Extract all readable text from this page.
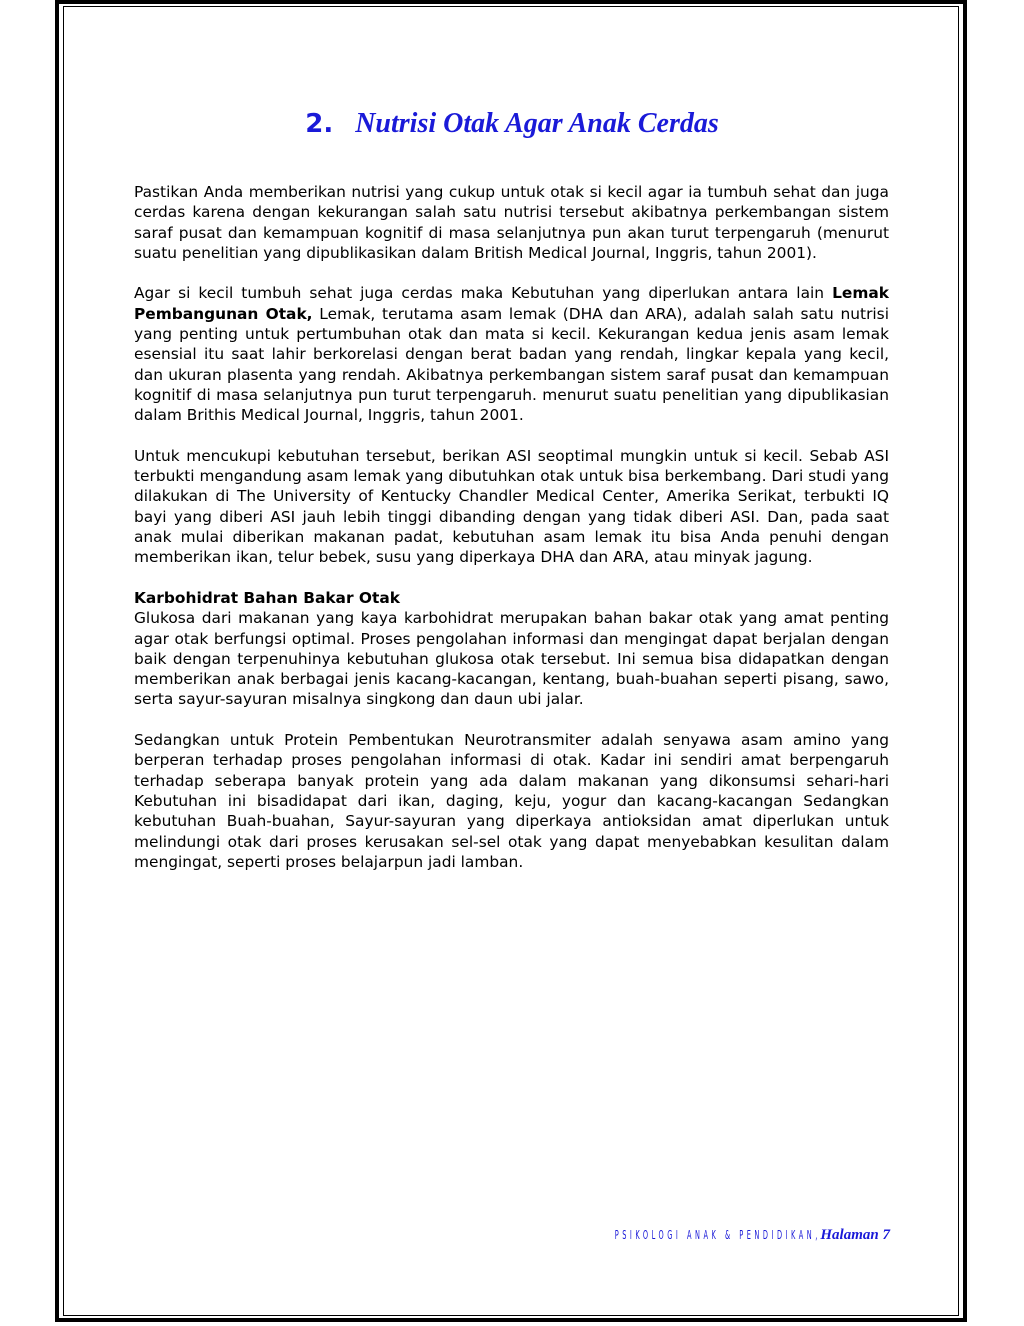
2. Nutrisi Otak Agar Anak Cerdas

Pastikan Anda memberikan nutrisi yang cukup untuk otak si kecil agar ia tumbuh sehat dan juga cerdas karena dengan kekurangan salah satu nutrisi tersebut akibatnya perkembangan sistem saraf pusat dan kemampuan kognitif di masa selanjutnya pun akan turut terpengaruh (menurut suatu penelitian yang dipublikasikan dalam British Medical Journal, Inggris, tahun 2001).

Agar si kecil tumbuh sehat juga cerdas maka Kebutuhan yang diperlukan antara lain Lemak Pembangunan Otak, Lemak, terutama asam lemak (DHA dan ARA), adalah salah satu nutrisi yang penting untuk pertumbuhan otak dan mata si kecil. Kekurangan kedua jenis asam lemak esensial itu saat lahir berkorelasi dengan berat badan yang rendah, lingkar kepala yang kecil, dan ukuran plasenta yang rendah. Akibatnya perkembangan sistem saraf pusat dan kemampuan kognitif di masa selanjutnya pun turut terpengaruh. menurut suatu penelitian yang dipublikasian dalam Brithis Medical Journal, Inggris, tahun 2001.

Untuk mencukupi kebutuhan tersebut, berikan ASI seoptimal mungkin untuk si kecil. Sebab ASI terbukti mengandung asam lemak yang dibutuhkan otak untuk bisa berkembang. Dari studi yang dilakukan di The University of Kentucky Chandler Medical Center, Amerika Serikat, terbukti IQ bayi yang diberi ASI jauh lebih tinggi dibanding dengan yang tidak diberi ASI. Dan, pada saat anak mulai diberikan makanan padat, kebutuhan asam lemak itu bisa Anda penuhi dengan memberikan ikan, telur bebek, susu yang diperkaya DHA dan ARA, atau minyak jagung.

Karbohidrat Bahan Bakar Otak
Glukosa dari makanan yang kaya karbohidrat merupakan bahan bakar otak yang amat penting agar otak berfungsi optimal. Proses pengolahan informasi dan mengingat dapat berjalan dengan baik dengan terpenuhinya kebutuhan glukosa otak tersebut. Ini semua bisa didapatkan dengan memberikan anak berbagai jenis kacang-kacangan, kentang, buah-buahan seperti pisang, sawo, serta sayur-sayuran misalnya singkong dan daun ubi jalar.

Sedangkan untuk Protein Pembentukan Neurotransmiter adalah senyawa asam amino yang berperan terhadap proses pengolahan informasi di otak. Kadar ini sendiri amat berpengaruh terhadap seberapa banyak protein yang ada dalam makanan yang dikonsumsi sehari-hari Kebutuhan ini bisadidapat dari ikan, daging, keju, yogur dan kacang-kacangan Sedangkan kebutuhan Buah-buahan, Sayur-sayuran yang diperkaya antioksidan amat diperlukan untuk melindungi otak dari proses kerusakan sel-sel otak yang dapat menyebabkan kesulitan dalam mengingat, seperti proses belajarpun jadi lamban.

PSIKOLOGI ANAK & PENDIDIKAN, Halaman 7
